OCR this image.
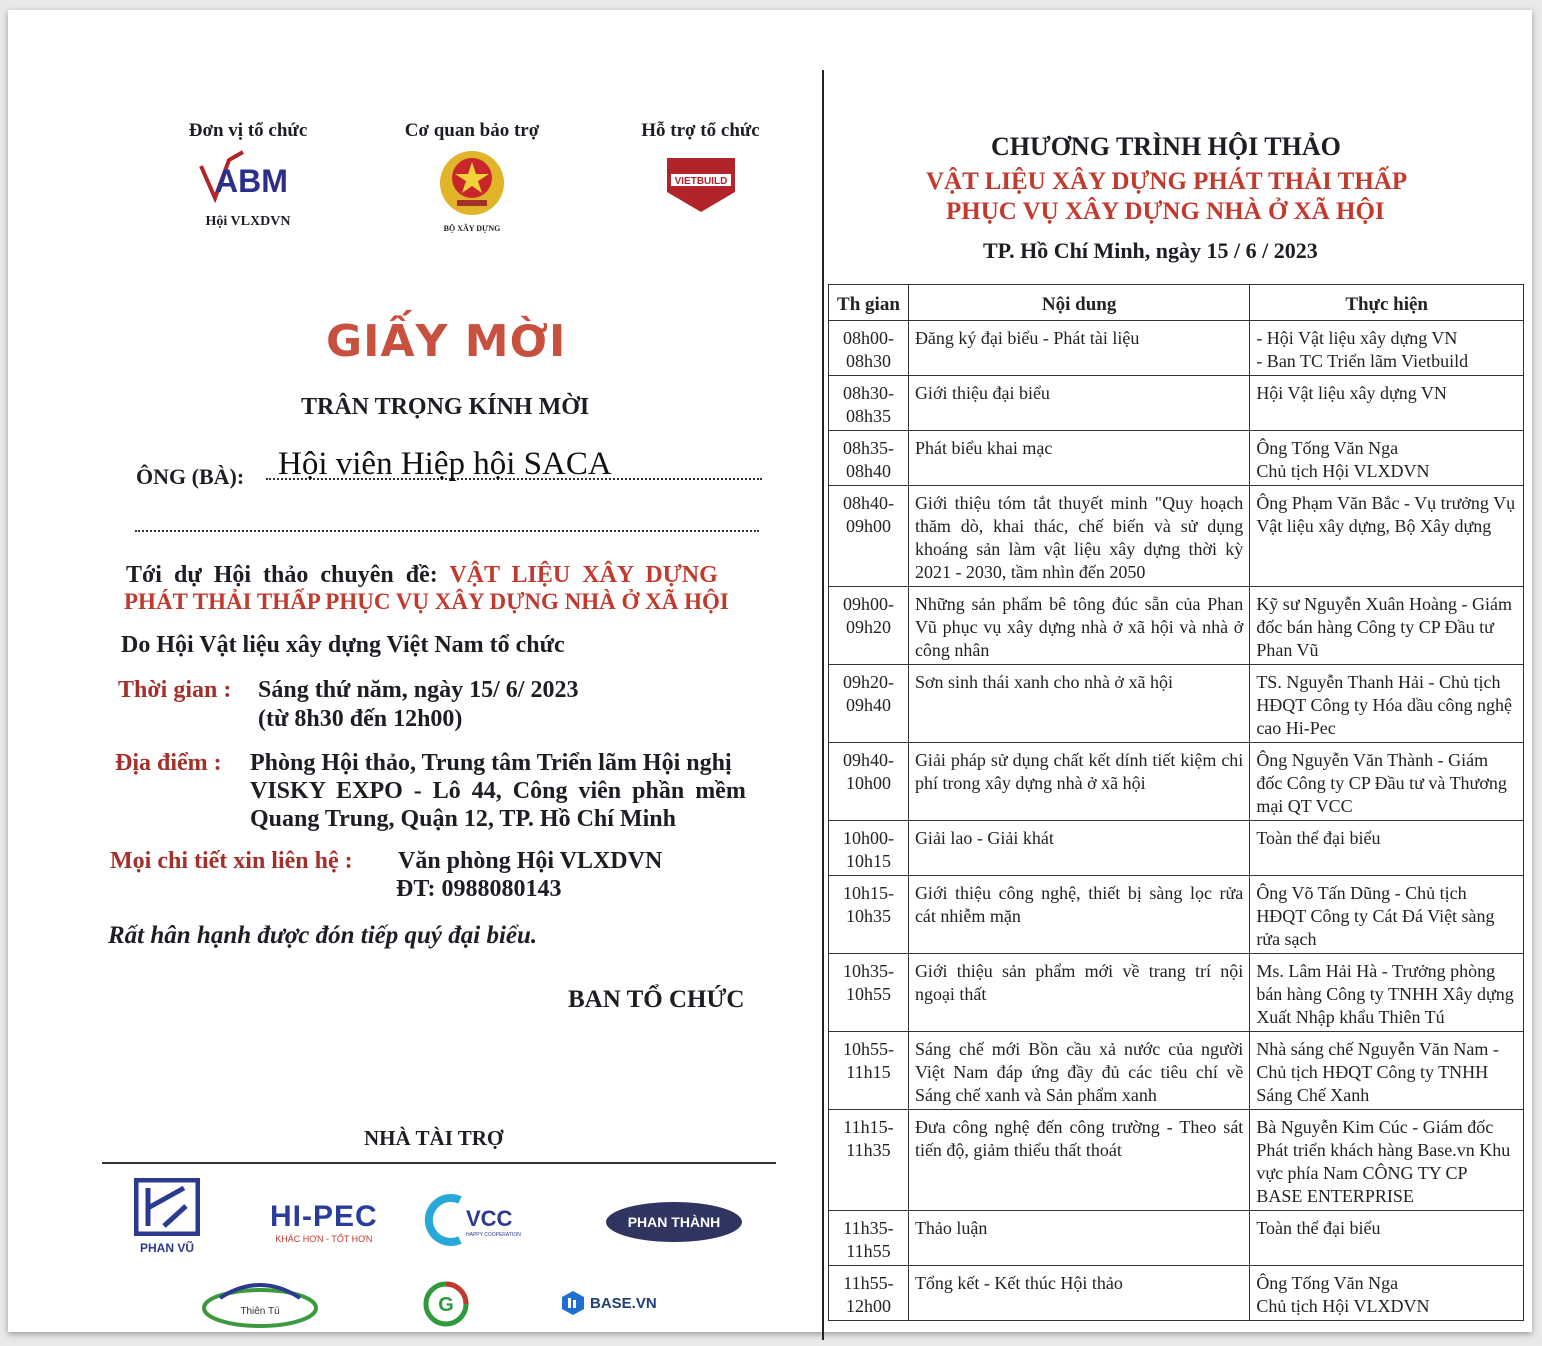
Đơn vị tổ chức
ABM
Hội VLXDVN
Cơ quan bảo trợ
BỘ XÂY DỰNG
Hỗ trợ tổ chức
VIETBUILD
GIẤY MỜI
TRÂN TRỌNG KÍNH MỜI
ÔNG (BÀ): Hội viên Hiệp hội SACA
Tới dự Hội thảo chuyên đề: VẬT LIỆU XÂY DỰNG
PHÁT THẢI THẤP PHỤC VỤ XÂY DỰNG NHÀ Ở XÃ HỘI
Do Hội Vật liệu xây dựng Việt Nam tổ chức
Thời gian : Sáng thứ năm, ngày 15/ 6/ 2023
(từ 8h30 đến 12h00)
Địa điểm : Phòng Hội thảo, Trung tâm Triển lãm Hội nghị
VISKY EXPO - Lô 44, Công viên phần mềm
Quang Trung, Quận 12, TP. Hồ Chí Minh
Mọi chi tiết xin liên hệ : Văn phòng Hội VLXDVN
ĐT: 0988080143
Rất hân hạnh được đón tiếp quý đại biểu.
BAN TỔ CHỨC
NHÀ TÀI TRỢ
PHAN VŨ
HI-PEC
KHÁC HƠN - TỐT HƠN
VCC
HAPPY COOPERATION
PHAN THÀNH
Thiên Tú	G	BASE.VN
CHƯƠNG TRÌNH HỘI THẢO
VẬT LIỆU XÂY DỰNG PHÁT THẢI THẤP
PHỤC VỤ XÂY DỰNG NHÀ Ở XÃ HỘI
TP. Hồ Chí Minh, ngày 15 / 6 / 2023
Th gian	Nội dung	Thực hiện
08h00-
08h30	Đăng ký đại biểu - Phát tài liệu	- Hội Vật liệu xây dựng VN
- Ban TC Triển lãm Vietbuild
08h30-
08h35	Giới thiệu đại biểu	Hội Vật liệu xây dựng VN
08h35-
08h40	Phát biểu khai mạc	Ông Tống Văn Nga
Chủ tịch Hội VLXDVN
08h40-
09h00	Giới thiệu tóm tắt thuyết minh "Quy hoạch thăm dò, khai thác, chế biến và sử dụng khoáng sản làm vật liệu xây dựng thời kỳ 2021 - 2030, tầm nhìn đến 2050	Ông Phạm Văn Bắc - Vụ trưởng Vụ Vật liệu xây dựng, Bộ Xây dựng
09h00-
09h20	Những sản phẩm bê tông đúc sẵn của Phan Vũ phục vụ xây dựng nhà ở xã hội và nhà ở công nhân	Kỹ sư Nguyễn Xuân Hoàng - Giám đốc bán hàng Công ty CP Đầu tư Phan Vũ
09h20-
09h40	Sơn sinh thái xanh cho nhà ở xã hội	TS. Nguyễn Thanh Hải - Chủ tịch HĐQT Công ty Hóa dầu công nghệ cao Hi-Pec
09h40-
10h00	Giải pháp sử dụng chất kết dính tiết kiệm chi phí trong xây dựng nhà ở xã hội	Ông Nguyễn Văn Thành - Giám đốc Công ty CP Đầu tư và Thương mại QT VCC
10h00-
10h15	Giải lao - Giải khát	Toàn thể đại biểu
10h15-
10h35	Giới thiệu công nghệ, thiết bị sàng lọc rửa cát nhiễm mặn	Ông Võ Tấn Dũng - Chủ tịch HĐQT Công ty Cát Đá Việt sàng rửa sạch
10h35-
10h55	Giới thiệu sản phẩm mới về trang trí nội ngoại thất	Ms. Lâm Hải Hà - Trưởng phòng bán hàng Công ty TNHH Xây dựng Xuất Nhập khẩu Thiên Tú
10h55-
11h15	Sáng chế mới Bồn cầu xả nước của người Việt Nam đáp ứng đầy đủ các tiêu chí về Sáng chế xanh và Sản phẩm xanh	Nhà sáng chế Nguyễn Văn Nam - Chủ tịch HĐQT Công ty TNHH Sáng Chế Xanh
11h15-
11h35	Đưa công nghệ đến công trường - Theo sát tiến độ, giảm thiểu thất thoát	Bà Nguyễn Kim Cúc - Giám đốc Phát triển khách hàng Base.vn Khu vực phía Nam CÔNG TY CP BASE ENTERPRISE
11h35-
11h55	Thảo luận	Toàn thể đại biểu
11h55-
12h00	Tổng kết - Kết thúc Hội thảo	Ông Tống Văn Nga
Chủ tịch Hội VLXDVN
